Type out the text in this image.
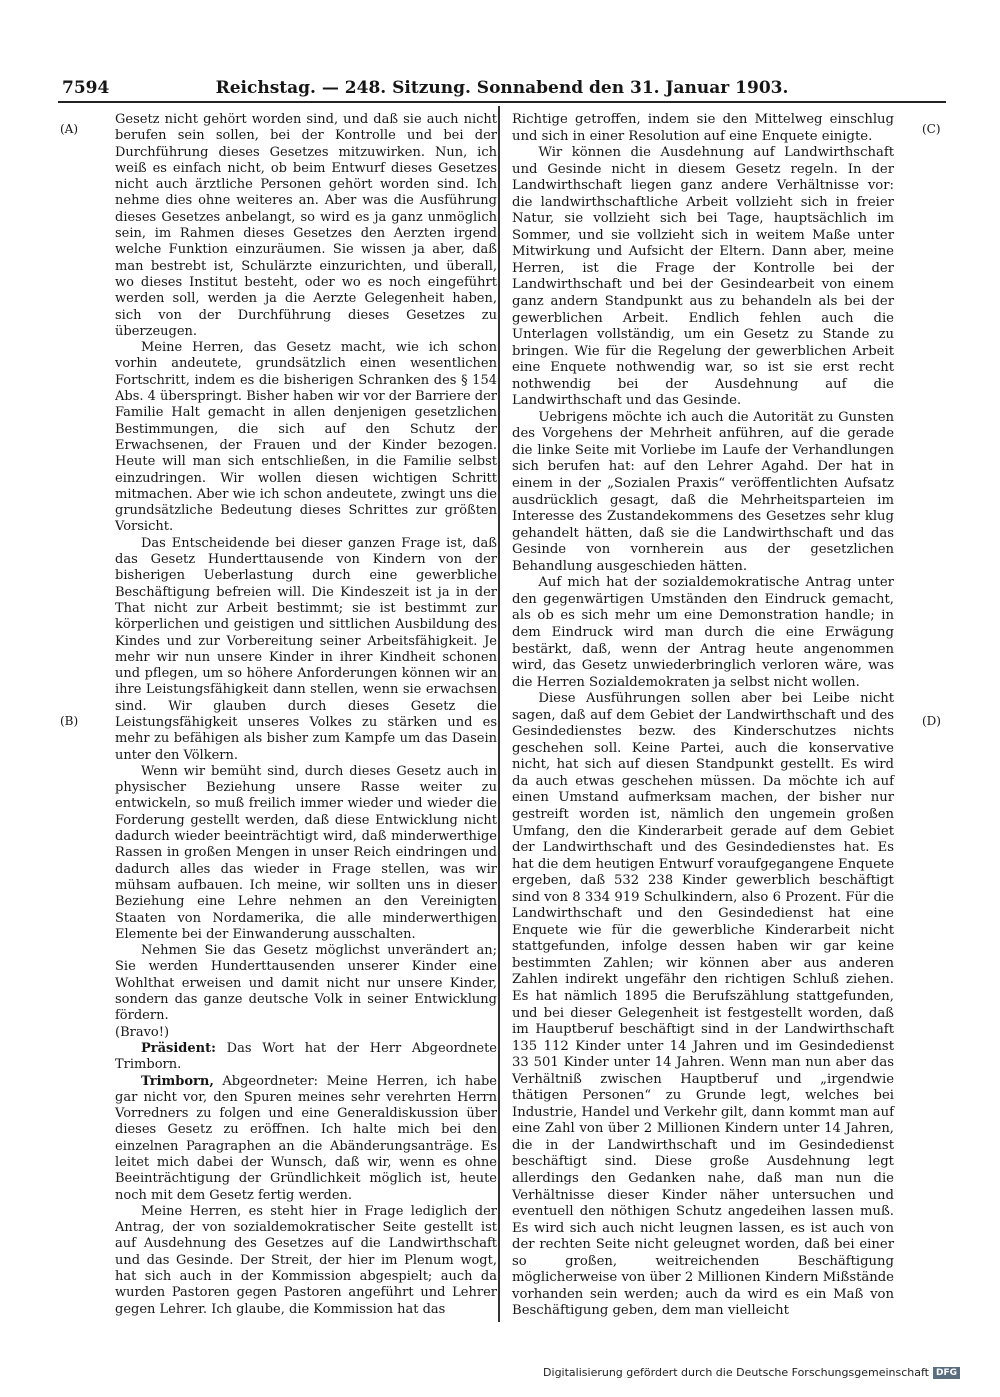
7594	Reichstag. — 248. Sitzung. Sonnabend den 31. Januar 1903.
(A)
(B)
(C)
(D)

Gesetz nicht gehört worden sind, und daß sie auch nicht berufen sein sollen, bei der Kontrolle und bei der Durchführung dieses Gesetzes mitzuwirken. Nun, ich weiß es einfach nicht, ob beim Entwurf dieses Gesetzes nicht auch ärztliche Personen gehört worden sind. Ich nehme dies ohne weiteres an. Aber was die Ausführung dieses Gesetzes anbelangt, so wird es ja ganz unmöglich sein, im Rahmen dieses Gesetzes den Aerzten irgend welche Funktion einzuräumen. Sie wissen ja aber, daß man bestrebt ist, Schulärzte einzurichten, und überall, wo dieses Institut besteht, oder wo es noch eingeführt werden soll, werden ja die Aerzte Gelegenheit haben, sich von der Durchführung dieses Gesetzes zu überzeugen.

Meine Herren, das Gesetz macht, wie ich schon vorhin andeutete, grundsätzlich einen wesentlichen Fortschritt, indem es die bisherigen Schranken des § 154 Abs. 4 überspringt. Bisher haben wir vor der Barriere der Familie Halt gemacht in allen denjenigen gesetzlichen Bestimmungen, die sich auf den Schutz der Erwachsenen, der Frauen und der Kinder bezogen. Heute will man sich entschließen, in die Familie selbst einzudringen. Wir wollen diesen wichtigen Schritt mitmachen. Aber wie ich schon andeutete, zwingt uns die grundsätzliche Bedeutung dieses Schrittes zur größten Vorsicht.

Das Entscheidende bei dieser ganzen Frage ist, daß das Gesetz Hunderttausende von Kindern von der bisherigen Ueberlastung durch eine gewerbliche Beschäftigung befreien will. Die Kindeszeit ist ja in der That nicht zur Arbeit bestimmt; sie ist bestimmt zur körperlichen und geistigen und sittlichen Ausbildung des Kindes und zur Vorbereitung seiner Arbeitsfähigkeit. Je mehr wir nun unsere Kinder in ihrer Kindheit schonen und pflegen, um so höhere Anforderungen können wir an ihre Leistungsfähigkeit dann stellen, wenn sie erwachsen sind. Wir glauben durch dieses Gesetz die Leistungsfähigkeit unseres Volkes zu stärken und es mehr zu befähigen als bisher zum Kampfe um das Dasein unter den Völkern.

Wenn wir bemüht sind, durch dieses Gesetz auch in physischer Beziehung unsere Rasse weiter zu entwickeln, so muß freilich immer wieder und wieder die Forderung gestellt werden, daß diese Entwicklung nicht dadurch wieder beeinträchtigt wird, daß minderwerthige Rassen in großen Mengen in unser Reich eindringen und dadurch alles das wieder in Frage stellen, was wir mühsam aufbauen. Ich meine, wir sollten uns in dieser Beziehung eine Lehre nehmen an den Vereinigten Staaten von Nordamerika, die alle minderwerthigen Elemente bei der Einwanderung ausschalten.

Nehmen Sie das Gesetz möglichst unverändert an; Sie werden Hunderttausenden unserer Kinder eine Wohlthat erweisen und damit nicht nur unsere Kinder, sondern das ganze deutsche Volk in seiner Entwicklung fördern.

(Bravo!)

Präsident: Das Wort hat der Herr Abgeordnete Trimborn.

Trimborn, Abgeordneter: Meine Herren, ich habe gar nicht vor, den Spuren meines sehr verehrten Herrn Vorredners zu folgen und eine Generaldiskussion über dieses Gesetz zu eröffnen. Ich halte mich bei den einzelnen Paragraphen an die Abänderungsanträge. Es leitet mich dabei der Wunsch, daß wir, wenn es ohne Beeinträchtigung der Gründlichkeit möglich ist, heute noch mit dem Gesetz fertig werden.

Meine Herren, es steht hier in Frage lediglich der Antrag, der von sozialdemokratischer Seite gestellt ist auf Ausdehnung des Gesetzes auf die Landwirthschaft und das Gesinde. Der Streit, der hier im Plenum wogt, hat sich auch in der Kommission abgespielt; auch da wurden Pastoren gegen Pastoren angeführt und Lehrer gegen Lehrer. Ich glaube, die Kommission hat das

Richtige getroffen, indem sie den Mittelweg einschlug und sich in einer Resolution auf eine Enquete einigte.

Wir können die Ausdehnung auf Landwirthschaft und Gesinde nicht in diesem Gesetz regeln. In der Landwirthschaft liegen ganz andere Verhältnisse vor: die landwirthschaftliche Arbeit vollzieht sich in freier Natur, sie vollzieht sich bei Tage, hauptsächlich im Sommer, und sie vollzieht sich in weitem Maße unter Mitwirkung und Aufsicht der Eltern. Dann aber, meine Herren, ist die Frage der Kontrolle bei der Landwirthschaft und bei der Gesindearbeit von einem ganz andern Standpunkt aus zu behandeln als bei der gewerblichen Arbeit. Endlich fehlen auch die Unterlagen vollständig, um ein Gesetz zu Stande zu bringen. Wie für die Regelung der gewerblichen Arbeit eine Enquete nothwendig war, so ist sie erst recht nothwendig bei der Ausdehnung auf die Landwirthschaft und das Gesinde.

Uebrigens möchte ich auch die Autorität zu Gunsten des Vorgehens der Mehrheit anführen, auf die gerade die linke Seite mit Vorliebe im Laufe der Verhandlungen sich berufen hat: auf den Lehrer Agahd. Der hat in einem in der „Sozialen Praxis“ veröffentlichten Aufsatz ausdrücklich gesagt, daß die Mehrheitsparteien im Interesse des Zustandekommens des Gesetzes sehr klug gehandelt hätten, daß sie die Landwirthschaft und das Gesinde von vornherein aus der gesetzlichen Behandlung ausgeschieden hätten.

Auf mich hat der sozialdemokratische Antrag unter den gegenwärtigen Umständen den Eindruck gemacht, als ob es sich mehr um eine Demonstration handle; in dem Eindruck wird man durch die eine Erwägung bestärkt, daß, wenn der Antrag heute angenommen wird, das Gesetz unwiederbringlich verloren wäre, was die Herren Sozialdemokraten ja selbst nicht wollen.

Diese Ausführungen sollen aber bei Leibe nicht sagen, daß auf dem Gebiet der Landwirthschaft und des Gesindedienstes bezw. des Kinderschutzes nichts geschehen soll. Keine Partei, auch die konservative nicht, hat sich auf diesen Standpunkt gestellt. Es wird da auch etwas geschehen müssen. Da möchte ich auf einen Umstand aufmerksam machen, der bisher nur gestreift worden ist, nämlich den ungemein großen Umfang, den die Kinderarbeit gerade auf dem Gebiet der Landwirthschaft und des Gesindedienstes hat. Es hat die dem heutigen Entwurf voraufgegangene Enquete ergeben, daß 532 238 Kinder gewerblich beschäftigt sind von 8 334 919 Schulkindern, also 6 Prozent. Für die Landwirthschaft und den Gesindedienst hat eine Enquete wie für die gewerbliche Kinderarbeit nicht stattgefunden, infolge dessen haben wir gar keine bestimmten Zahlen; wir können aber aus anderen Zahlen indirekt ungefähr den richtigen Schluß ziehen. Es hat nämlich 1895 die Berufszählung stattgefunden, und bei dieser Gelegenheit ist festgestellt worden, daß im Hauptberuf beschäftigt sind in der Landwirthschaft 135 112 Kinder unter 14 Jahren und im Gesindedienst 33 501 Kinder unter 14 Jahren. Wenn man nun aber das Verhältniß zwischen Hauptberuf und „irgendwie thätigen Personen“ zu Grunde legt, welches bei Industrie, Handel und Verkehr gilt, dann kommt man auf eine Zahl von über 2 Millionen Kindern unter 14 Jahren, die in der Landwirthschaft und im Gesindedienst beschäftigt sind. Diese große Ausdehnung legt allerdings den Gedanken nahe, daß man nun die Verhältnisse dieser Kinder näher untersuchen und eventuell den nöthigen Schutz angedeihen lassen muß. Es wird sich auch nicht leugnen lassen, es ist auch von der rechten Seite nicht geleugnet worden, daß bei einer so großen, weitreichenden Beschäftigung möglicherweise von über 2 Millionen Kindern Mißstände vorhanden sein werden; auch da wird es ein Maß von Beschäftigung geben, dem man vielleicht

Digitalisierung gefördert durch die Deutsche Forschungsgemeinschaft DFG
